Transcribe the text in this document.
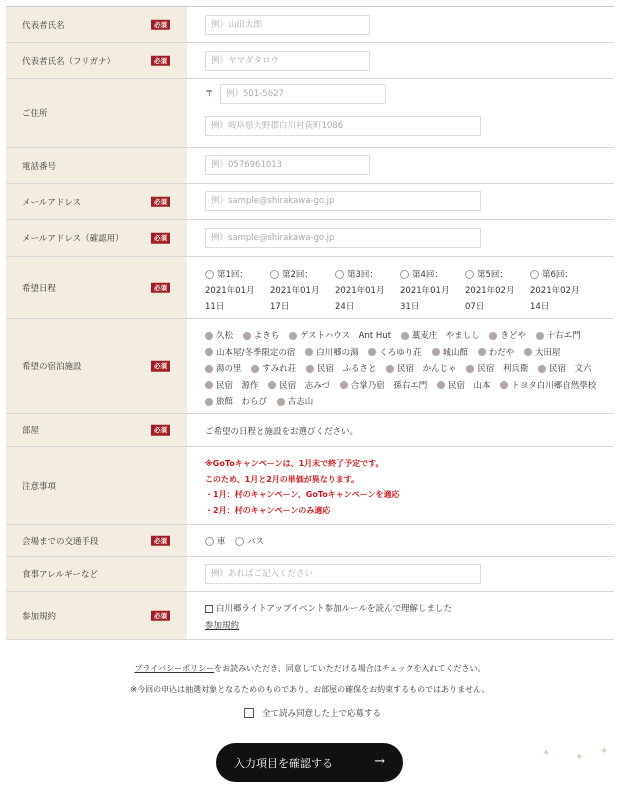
代表者氏名	必須	例）山田太郎
代表者氏名（フリガナ）	必須	例）ヤマダタロウ
ご住所
〒	例）501-5627
例）岐阜県大野郡白川村荻町1086
電話番号	例）0576961013
メールアドレス	必須	例）sample@shirakawa-go.jp
メールアドレス（確認用）	必須	例）sample@shirakawa-go.jp
希望日程	必須
第1回：
2021年01月
11日
第2回：
2021年01月
17日
第3回：
2021年01月
24日
第4回：
2021年01月
31日
第5回：
2021年02月
07日
第6回：
2021年02月
14日
希望の宿泊施設	必須
久松 よきち ゲストハウス　Ant Hut 藁麦庄　やましし きどや 十右エ門 山本屋/冬季限定の宿 白川郷の湯 くろゆり荘 城山館 わだや 大田屋 湯の里 すみれ荘 民宿　ふるさと 民宿　かんじゃ 民宿　利兵衛 民宿　文六 民宿　源作 民宿　志みづ 合掌乃宿　孫右エ門 民宿　山本 トヨタ白川郷自然學校 旅館　わらび 古志山
部屋	必須	ご希望の日程と施設をお選びください。
注意事項
※GoToキャンペーンは、1月末で終了予定です。
このため、1月と2月の単価が異なります。
・1月：村のキャンペーン、GoToキャンペーンを適応
・2月：村のキャンペーンのみ適応
会場までの交通手段	必須	車	バス
食事アレルギーなど	例）あればご記入ください
参加規約	必須
白川郷ライトアップイベント参加ルールを読んで理解しました
参加規約
プライバシーポリシーをお読みいただき、同意していただける場合はチェックを入れてください。
※今回の申込は抽選対象となるためのものであり、お部屋の確保をお約束するものではありません。
全て読み同意した上で応募する
入力項目を確認する	→
✦ ✦
✦
